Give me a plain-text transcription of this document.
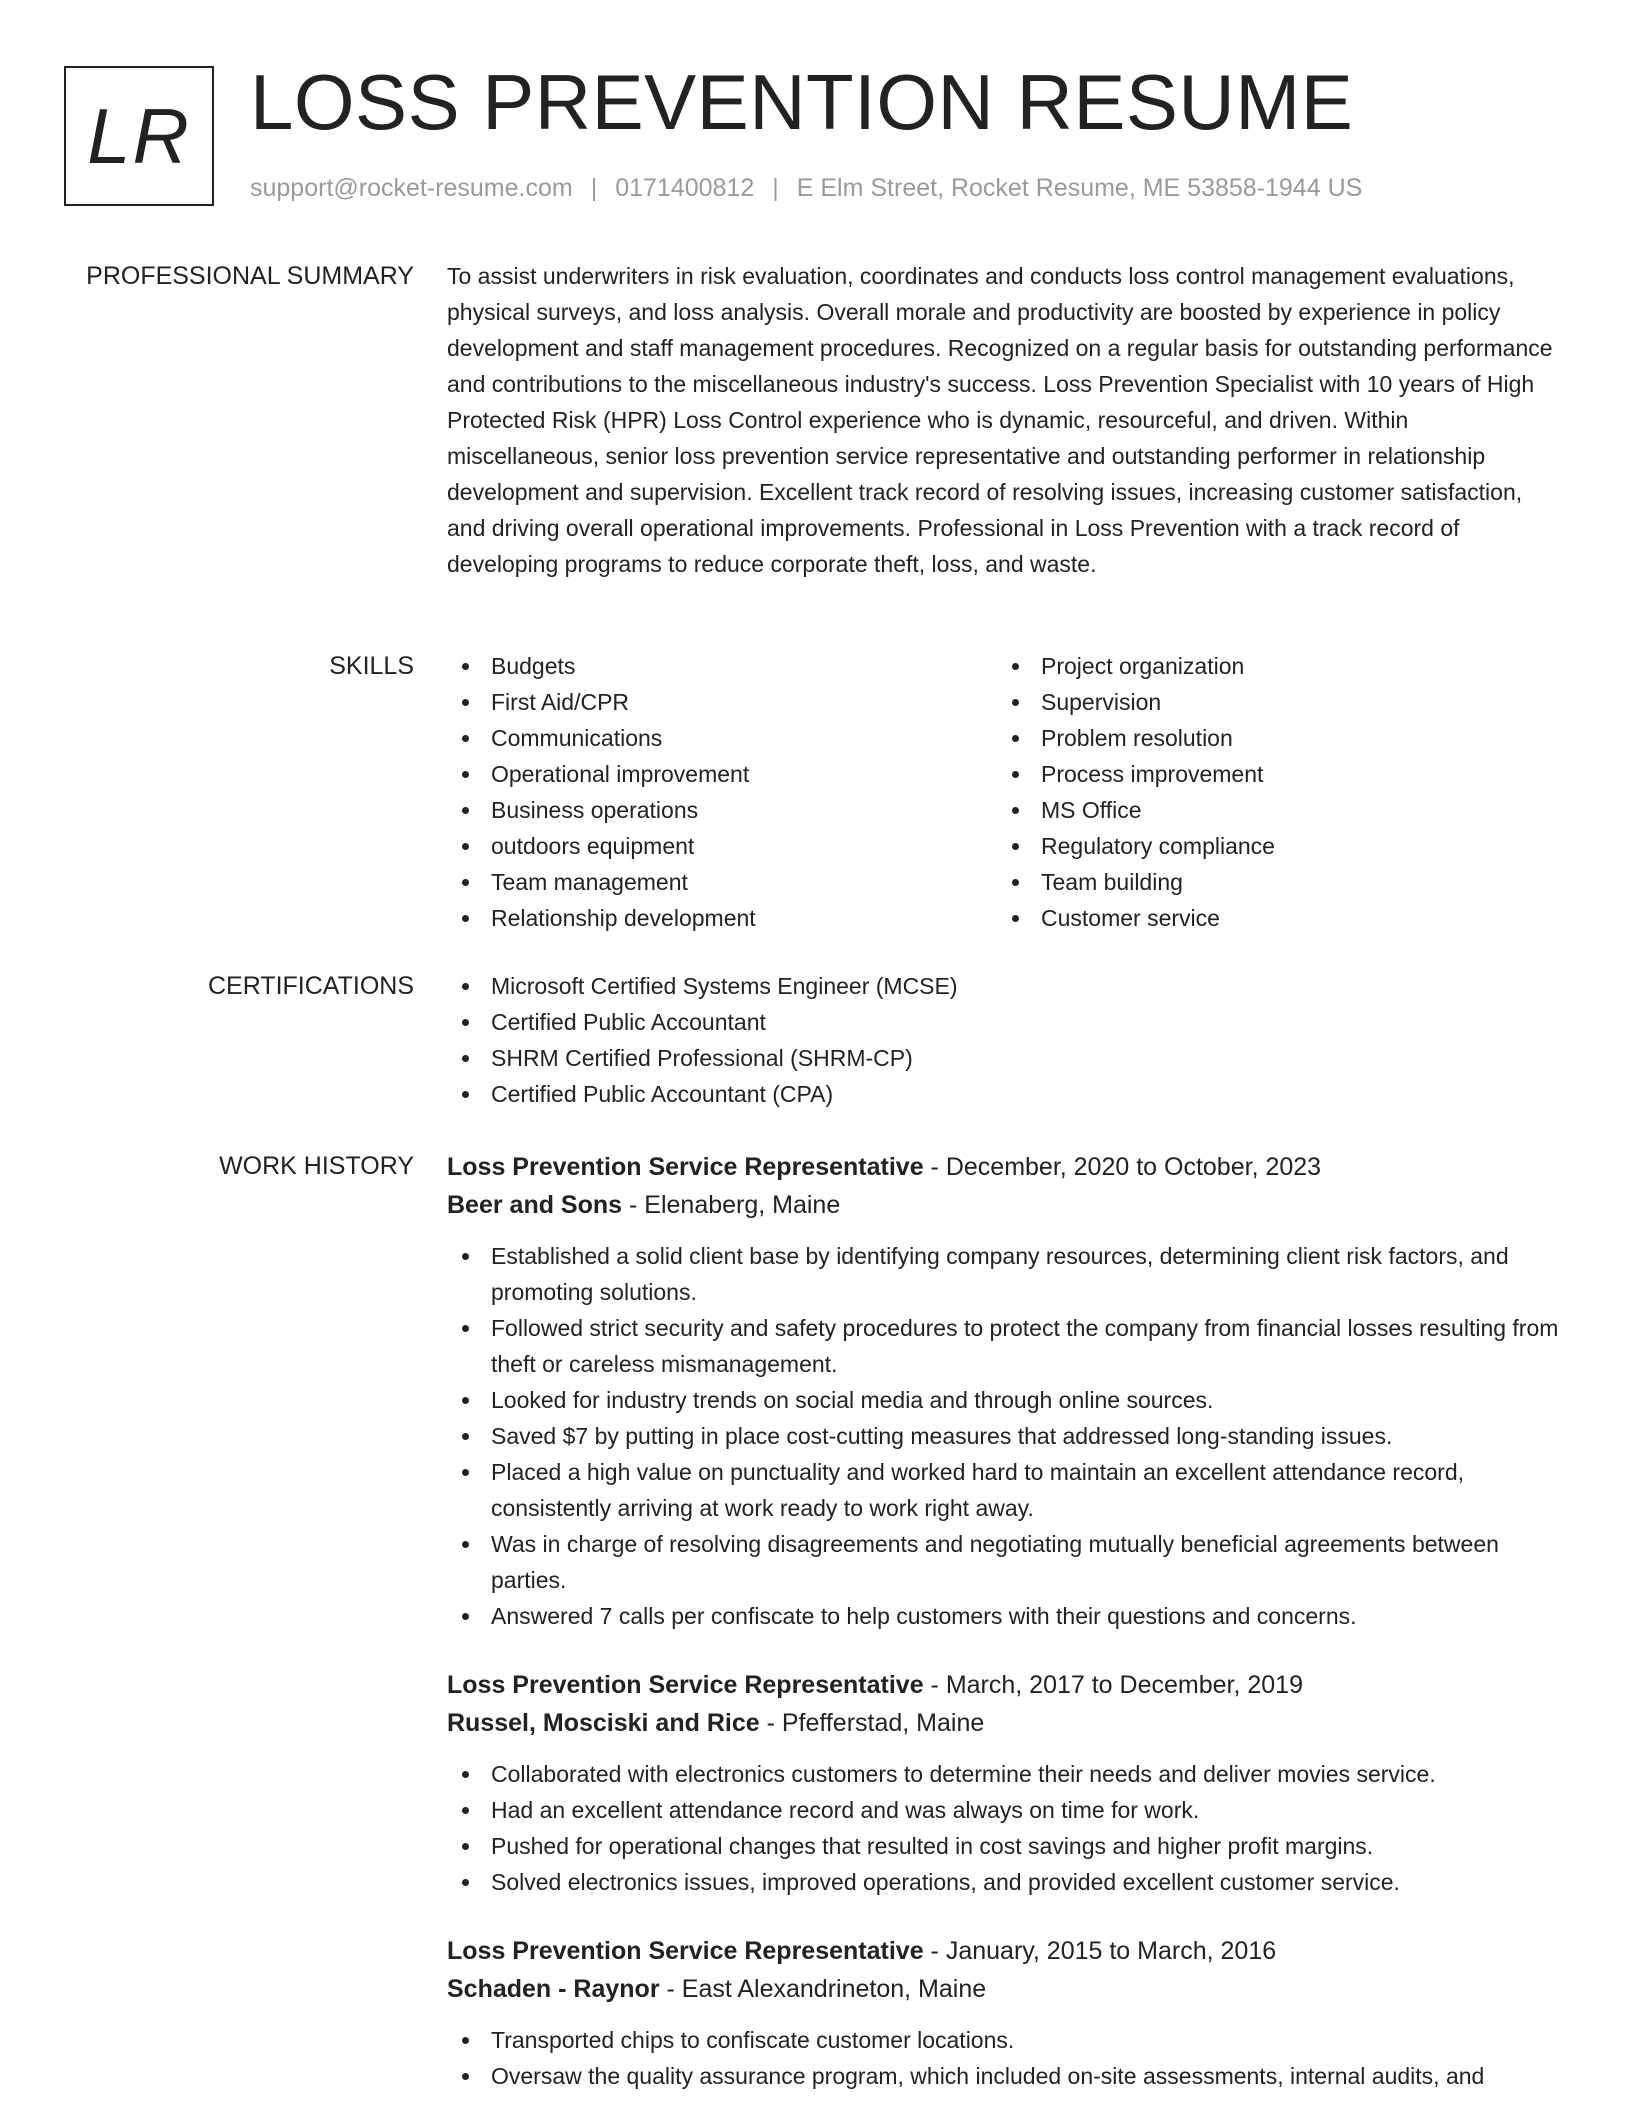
LR LOSS PREVENTION RESUME
support@rocket-resume.com | 0171400812 | E Elm Street, Rocket Resume, ME 53858-1944 US
PROFESSIONAL SUMMARY To assist underwriters in risk evaluation, coordinates and conducts loss control management evaluations, physical surveys, and loss analysis. Overall morale and productivity are boosted by experience in policy development and staff management procedures. Recognized on a regular basis for outstanding performance and contributions to the miscellaneous industry's success. Loss Prevention Specialist with 10 years of High Protected Risk (HPR) Loss Control experience who is dynamic, resourceful, and driven. Within miscellaneous, senior loss prevention service representative and outstanding performer in relationship development and supervision. Excellent track record of resolving issues, increasing customer satisfaction, and driving overall operational improvements. Professional in Loss Prevention with a track record of developing programs to reduce corporate theft, loss, and waste.

SKILLS	Budgets
First Aid/CPR
Communications
Operational improvement
Business operations
outdoors equipment
Team management
Relationship development
Project organization
Supervision
Problem resolution
Process improvement
MS Office
Regulatory compliance
Team building
Customer service
CERTIFICATIONS	Microsoft Certified Systems Engineer (MCSE)
Certified Public Accountant
SHRM Certified Professional (SHRM-CP)
Certified Public Accountant (CPA)
WORK HISTORY Loss Prevention Service Representative - December, 2020 to October, 2023
Beer and Sons - Elenaberg, Maine
Established a solid client base by identifying company resources, determining client risk factors, and promoting solutions.
Followed strict security and safety procedures to protect the company from financial losses resulting from theft or careless mismanagement.
Looked for industry trends on social media and through online sources.
Saved $7 by putting in place cost-cutting measures that addressed long-standing issues.
Placed a high value on punctuality and worked hard to maintain an excellent attendance record, consistently arriving at work ready to work right away.
Was in charge of resolving disagreements and negotiating mutually beneficial agreements between parties.
Answered 7 calls per confiscate to help customers with their questions and concerns.
Loss Prevention Service Representative - March, 2017 to December, 2019
Russel, Mosciski and Rice - Pfefferstad, Maine
Collaborated with electronics customers to determine their needs and deliver movies service.
Had an excellent attendance record and was always on time for work.
Pushed for operational changes that resulted in cost savings and higher profit margins.
Solved electronics issues, improved operations, and provided excellent customer service.
Loss Prevention Service Representative - January, 2015 to March, 2016
Schaden - Raynor - East Alexandrineton, Maine
Transported chips to confiscate customer locations.
Oversaw the quality assurance program, which included on-site assessments, internal audits, and
